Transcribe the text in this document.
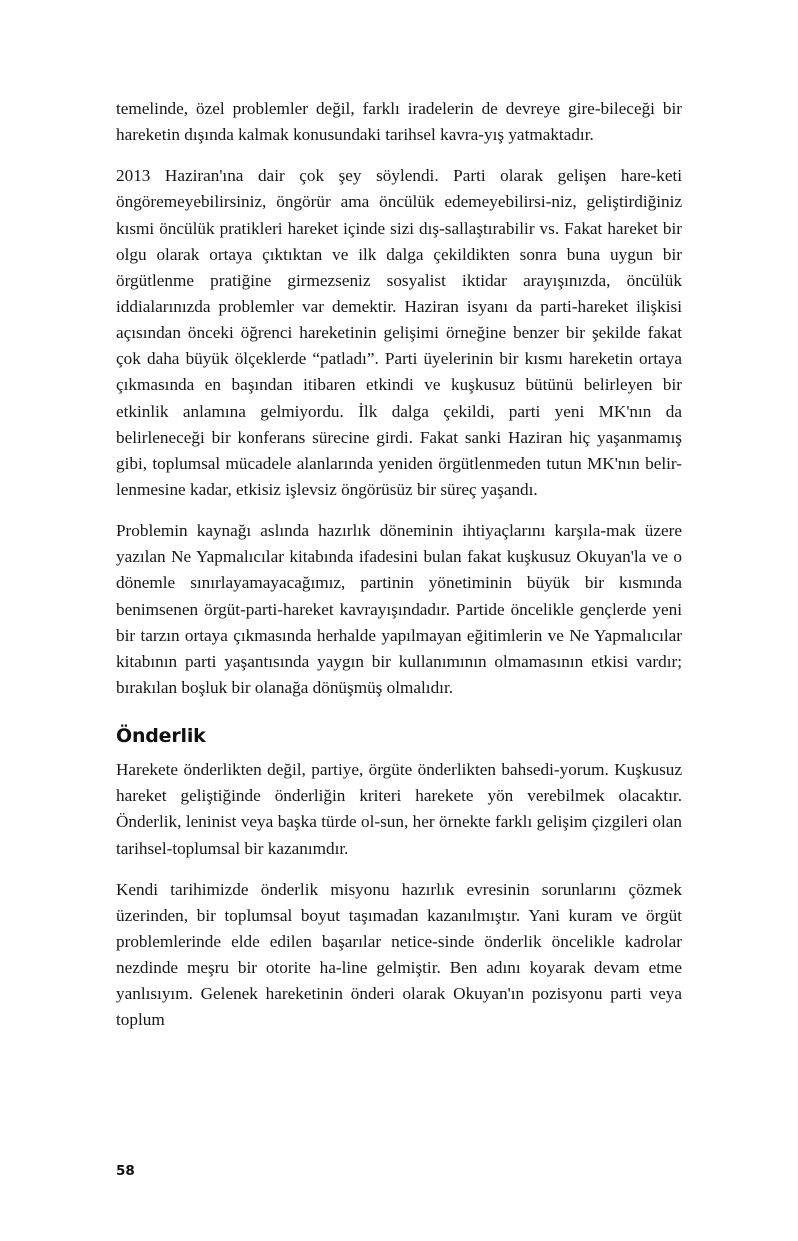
temelinde, özel problemler değil, farklı iradelerin de devreye gire-bileceği bir hareketin dışında kalmak konusundaki tarihsel kavra-yış yatmaktadır.

2013 Haziran'ına dair çok şey söylendi. Parti olarak gelişen hare-keti öngöremeyebilirsiniz, öngörür ama öncülük edemeyebilirsi-niz, geliştirdiğiniz kısmi öncülük pratikleri hareket içinde sizi dış-sallaştırabilir vs. Fakat hareket bir olgu olarak ortaya çıktıktan ve ilk dalga çekildikten sonra buna uygun bir örgütlenme pratiğine girmezseniz sosyalist iktidar arayışınızda, öncülük iddialarınızda problemler var demektir. Haziran isyanı da parti-hareket ilişkisi açısından önceki öğrenci hareketinin gelişimi örneğine benzer bir şekilde fakat çok daha büyük ölçeklerde “patladı”. Parti üyelerinin bir kısmı hareketin ortaya çıkmasında en başından itibaren etkindi ve kuşkusuz bütünü belirleyen bir etkinlik anlamına gelmiyordu. İlk dalga çekildi, parti yeni MK'nın da belirleneceği bir konferans sürecine girdi. Fakat sanki Haziran hiç yaşanmamış gibi, toplumsal mücadele alanlarında yeniden örgütlenmeden tutun MK'nın belir-lenmesine kadar, etkisiz işlevsiz öngörüsüz bir süreç yaşandı.

Problemin kaynağı aslında hazırlık döneminin ihtiyaçlarını karşıla-mak üzere yazılan Ne Yapmalıcılar kitabında ifadesini bulan fakat kuşkusuz Okuyan'la ve o dönemle sınırlayamayacağımız, partinin yönetiminin büyük bir kısmında benimsenen örgüt-parti-hareket kavrayışındadır. Partide öncelikle gençlerde yeni bir tarzın ortaya çıkmasında herhalde yapılmayan eğitimlerin ve Ne Yapmalıcılar kitabının parti yaşantısında yaygın bir kullanımının olmamasının etkisi vardır; bırakılan boşluk bir olanağa dönüşmüş olmalıdır.

Önderlik

Harekete önderlikten değil, partiye, örgüte önderlikten bahsedi-yorum. Kuşkusuz hareket geliştiğinde önderliğin kriteri harekete yön verebilmek olacaktır. Önderlik, leninist veya başka türde ol-sun, her örnekte farklı gelişim çizgileri olan tarihsel-toplumsal bir kazanımdır.

Kendi tarihimizde önderlik misyonu hazırlık evresinin sorunlarını çözmek üzerinden, bir toplumsal boyut taşımadan kazanılmıştır. Yani kuram ve örgüt problemlerinde elde edilen başarılar netice-sinde önderlik öncelikle kadrolar nezdinde meşru bir otorite ha-line gelmiştir. Ben adını koyarak devam etme yanlısıyım. Gelenek hareketinin önderi olarak Okuyan'ın pozisyonu parti veya toplum

58
